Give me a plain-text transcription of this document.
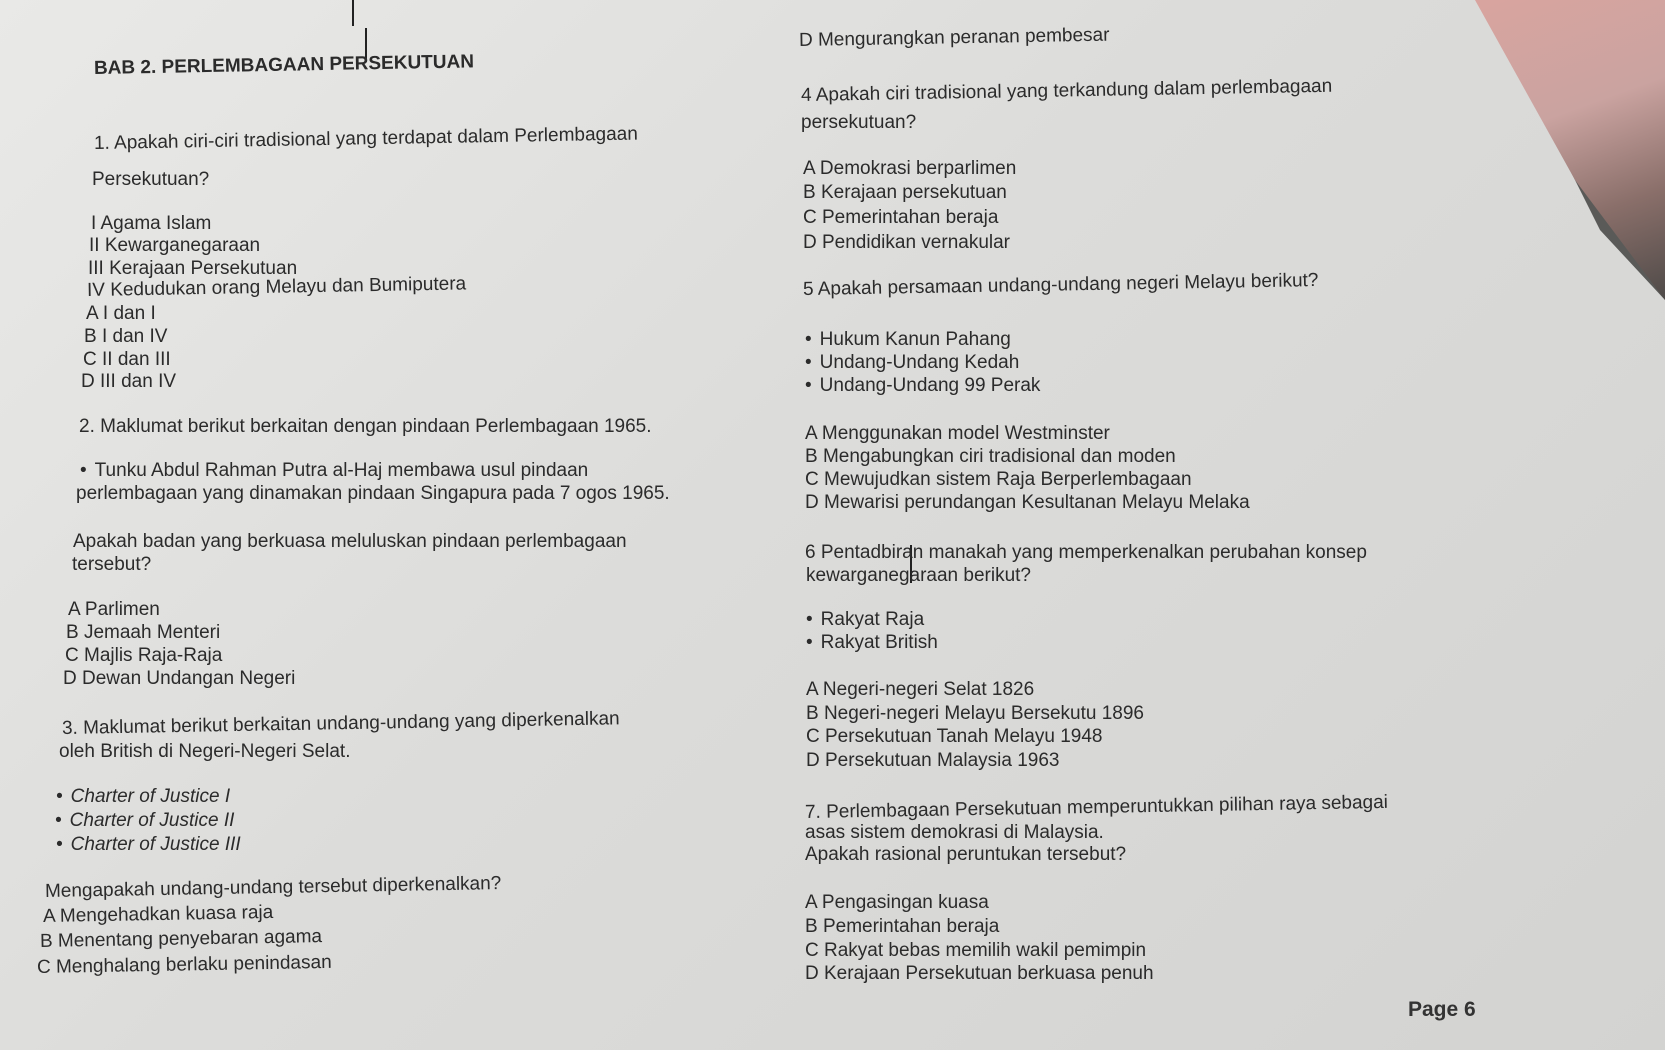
BAB 2. PERLEMBAGAAN PERSEKUTUAN
1. Apakah ciri-ciri tradisional yang terdapat dalam Perlembagaan
Persekutuan?
I Agama Islam
II Kewarganegaraan
III Kerajaan Persekutuan
IV Kedudukan orang Melayu dan Bumiputera
A I dan I
B I dan IV
C II dan III
D III dan IV
2. Maklumat berikut berkaitan dengan pindaan Perlembagaan 1965.
• Tunku Abdul Rahman Putra al-Haj membawa usul pindaan
perlembagaan yang dinamakan pindaan Singapura pada 7 ogos 1965.
Apakah badan yang berkuasa meluluskan pindaan perlembagaan
tersebut?
A Parlimen
B Jemaah Menteri
C Majlis Raja-Raja
D Dewan Undangan Negeri
3. Maklumat berikut berkaitan undang-undang yang diperkenalkan
oleh British di Negeri-Negeri Selat.
• Charter of Justice I
• Charter of Justice II
• Charter of Justice III
Mengapakah undang-undang tersebut diperkenalkan?
A Mengehadkan kuasa raja
B Menentang penyebaran agama
C Menghalang berlaku penindasan
D Mengurangkan peranan pembesar
4 Apakah ciri tradisional yang terkandung dalam perlembagaan
persekutuan?
A Demokrasi berparlimen
B Kerajaan persekutuan
C Pemerintahan beraja
D Pendidikan vernakular
5 Apakah persamaan undang-undang negeri Melayu berikut?
• Hukum Kanun Pahang
• Undang-Undang Kedah
• Undang-Undang 99 Perak
A Menggunakan model Westminster
B Mengabungkan ciri tradisional dan moden
C Mewujudkan sistem Raja Berperlembagaan
D Mewarisi perundangan Kesultanan Melayu Melaka
6 Pentadbiran manakah yang memperkenalkan perubahan konsep
kewarganegaraan berikut?
• Rakyat Raja
• Rakyat British
A Negeri-negeri Selat 1826
B Negeri-negeri Melayu Bersekutu 1896
C Persekutuan Tanah Melayu 1948
D Persekutuan Malaysia 1963
7. Perlembagaan Persekutuan memperuntukkan pilihan raya sebagai
asas sistem demokrasi di Malaysia.
Apakah rasional peruntukan tersebut?
A Pengasingan kuasa
B Pemerintahan beraja
C Rakyat bebas memilih wakil pemimpin
D Kerajaan Persekutuan berkuasa penuh
Page 6
